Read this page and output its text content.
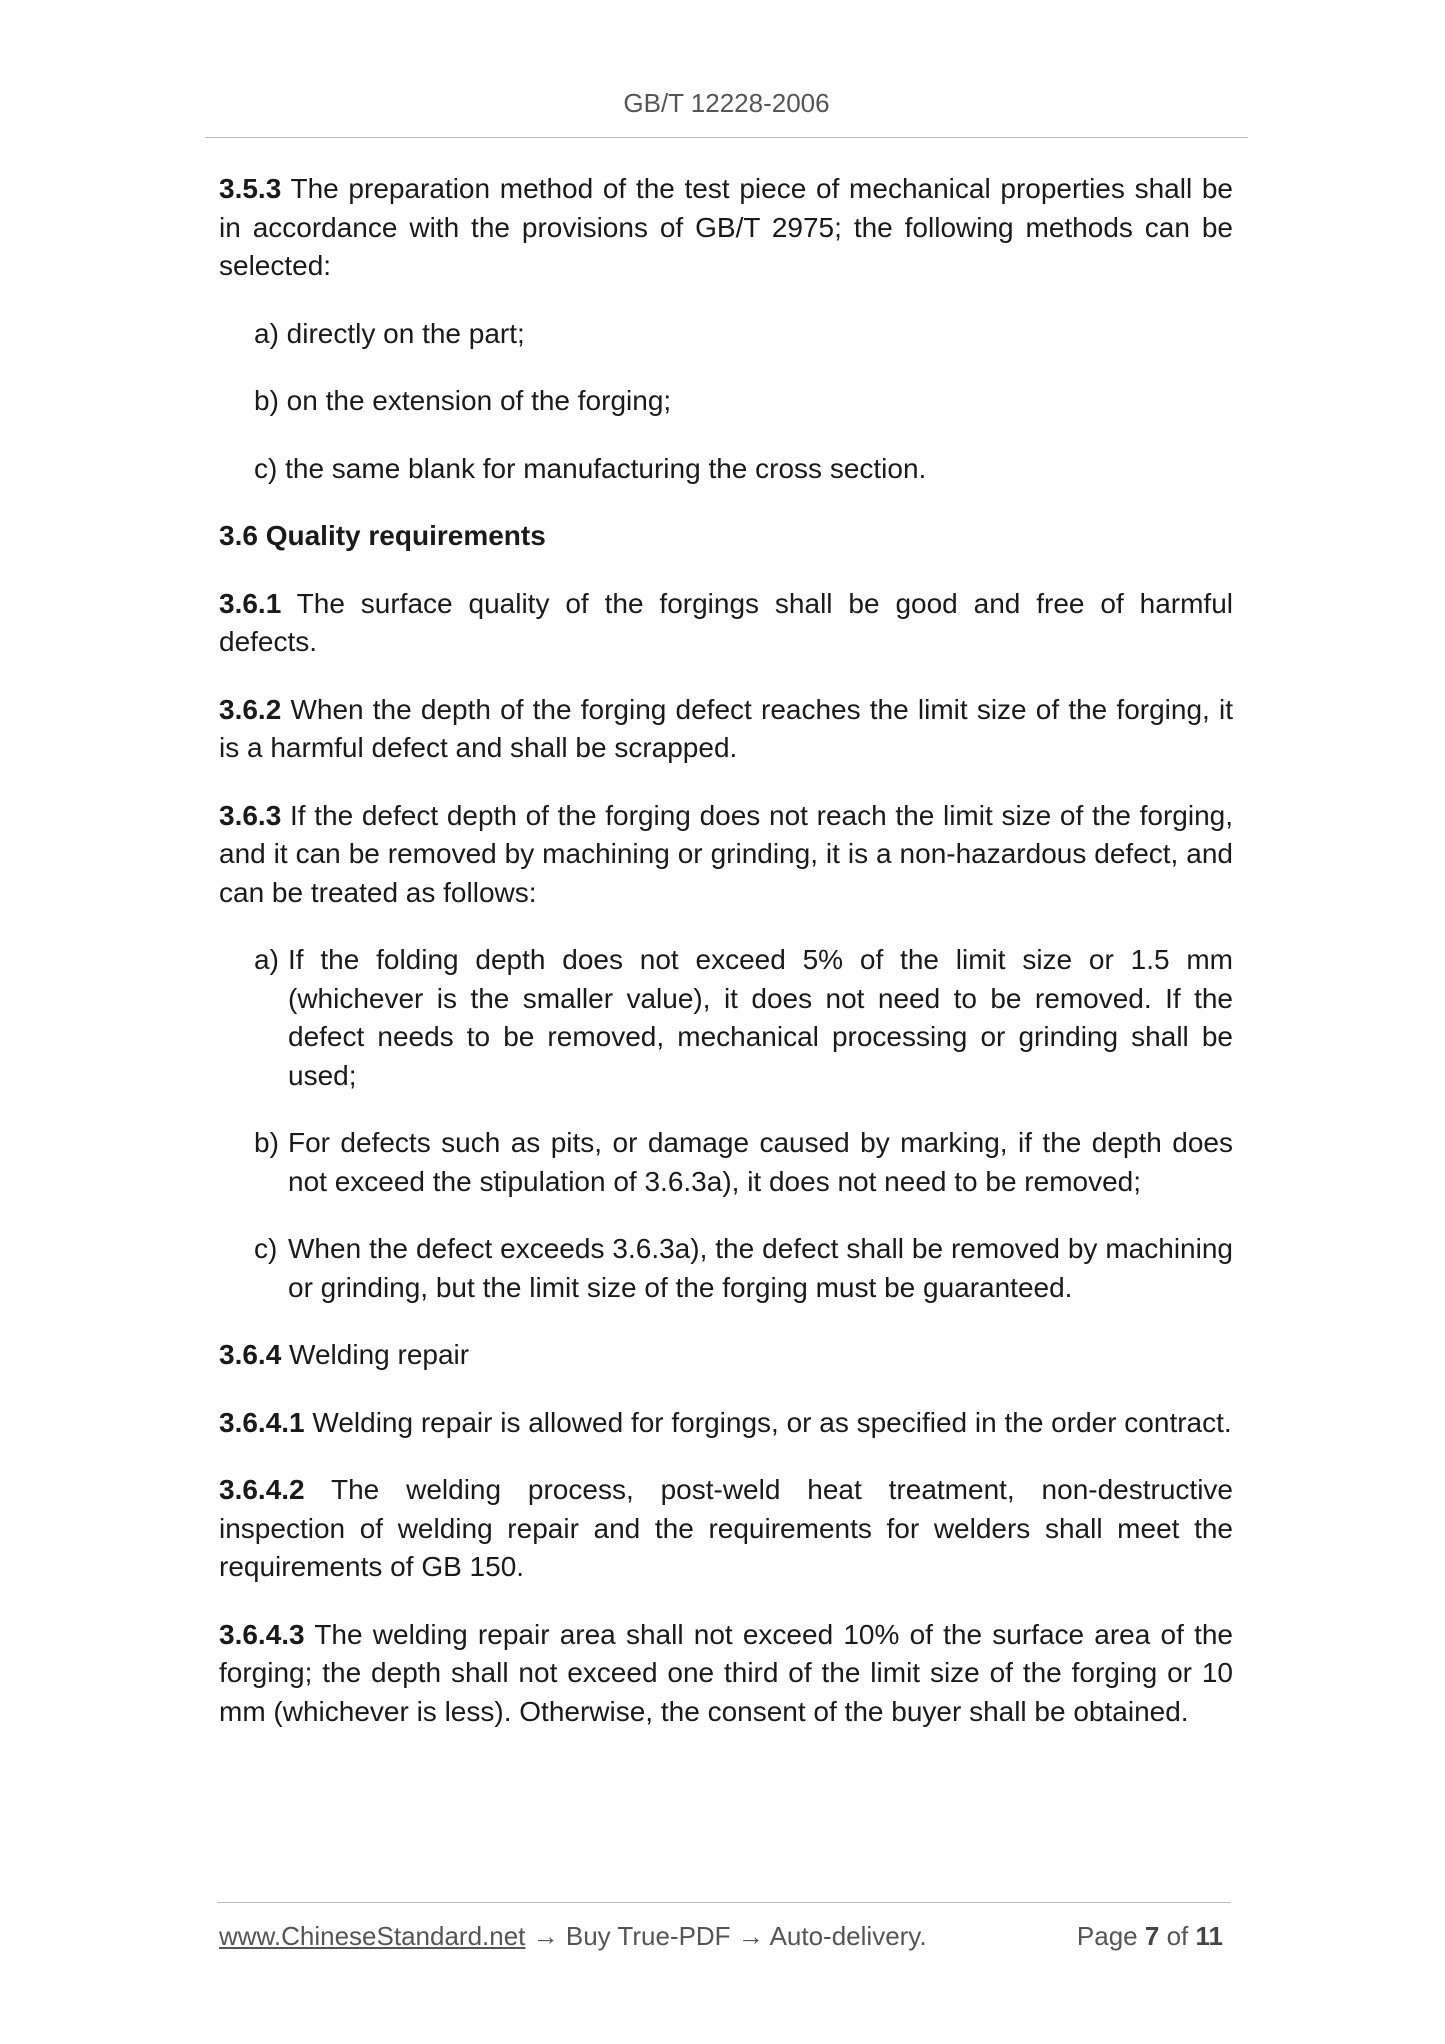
GB/T 12228-2006

3.5.3 The preparation method of the test piece of mechanical properties shall be in accordance with the provisions of GB/T 2975; the following methods can be selected:

a) directly on the part;

b) on the extension of the forging;

c) the same blank for manufacturing the cross section.

3.6 Quality requirements

3.6.1 The surface quality of the forgings shall be good and free of harmful defects.

3.6.2 When the depth of the forging defect reaches the limit size of the forging, it is a harmful defect and shall be scrapped.

3.6.3 If the defect depth of the forging does not reach the limit size of the forging, and it can be removed by machining or grinding, it is a non-hazardous defect, and can be treated as follows:

a) If the folding depth does not exceed 5% of the limit size or 1.5 mm (whichever is the smaller value), it does not need to be removed. If the defect needs to be removed, mechanical processing or grinding shall be used;

b) For defects such as pits, or damage caused by marking, if the depth does not exceed the stipulation of 3.6.3a), it does not need to be removed;

c) When the defect exceeds 3.6.3a), the defect shall be removed by machining or grinding, but the limit size of the forging must be guaranteed.

3.6.4 Welding repair

3.6.4.1 Welding repair is allowed for forgings, or as specified in the order contract.

3.6.4.2 The welding process, post-weld heat treatment, non-destructive inspection of welding repair and the requirements for welders shall meet the requirements of GB 150.

3.6.4.3 The welding repair area shall not exceed 10% of the surface area of the forging; the depth shall not exceed one third of the limit size of the forging or 10 mm (whichever is less). Otherwise, the consent of the buyer shall be obtained.

www.ChineseStandard.net → Buy True-PDF → Auto-delivery.	Page 7 of 11
